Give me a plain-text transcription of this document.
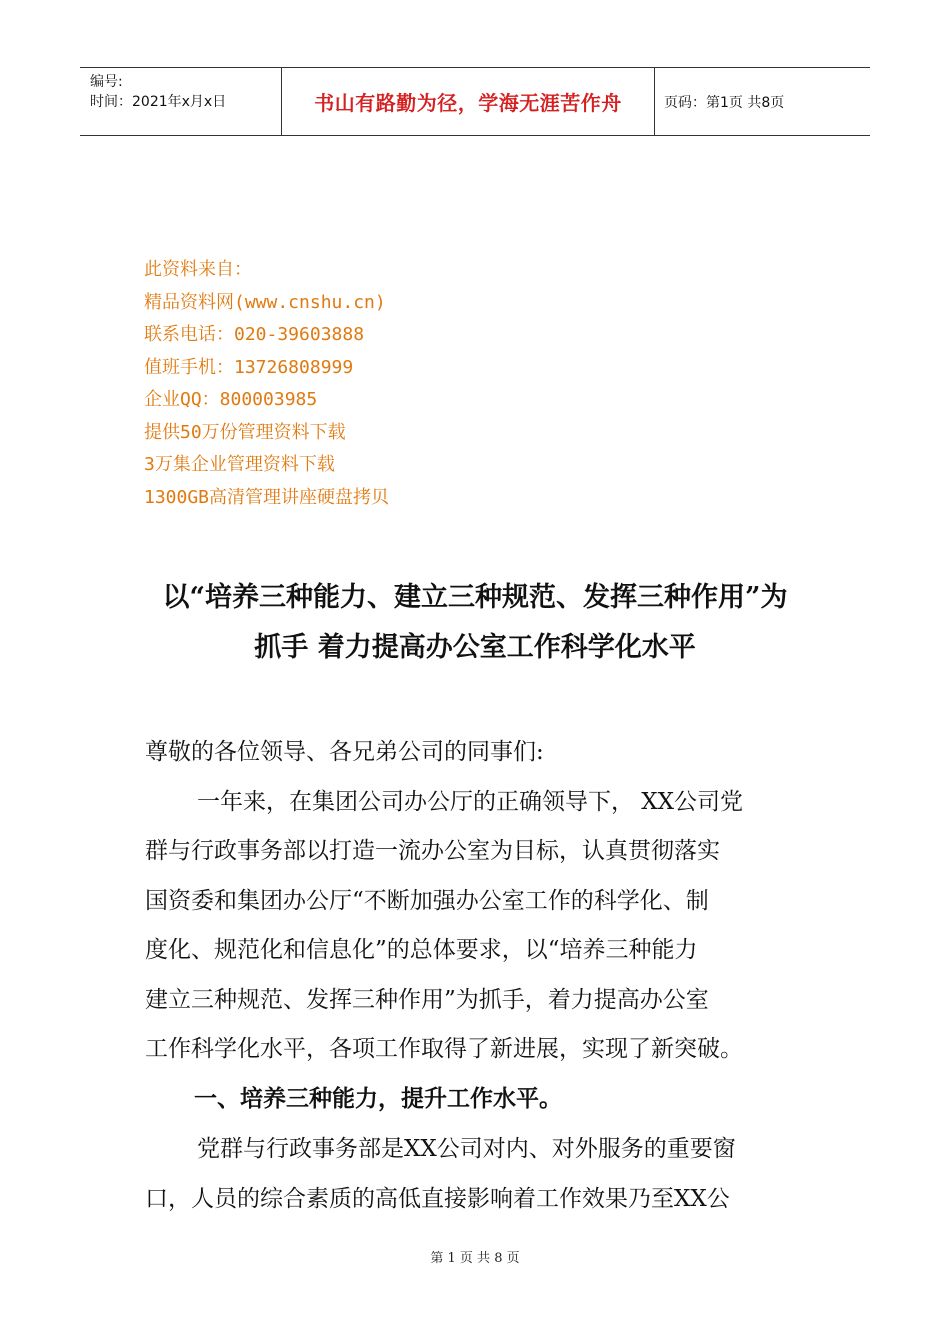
编号:
时间：2021年x月x日	书山有路勤为径，学海无涯苦作舟	页码：第1页 共8页
此资料来自：
精品资料网(www.cnshu.cn)
联系电话：020-39603888
值班手机：13726808999
企业QQ：800003985
提供50万份管理资料下载
3万集企业管理资料下载
1300GB高清管理讲座硬盘拷贝
以“培养三种能力、建立三种规范、发挥三种作用”为
抓手 着力提高办公室工作科学化水平
尊敬的各位领导、各兄弟公司的同事们:
一年来，在集团公司办公厅的正确领导下， XX公司党
群与行政事务部以打造一流办公室为目标，认真贯彻落实
国资委和集团办公厅“不断加强办公室工作的科学化、制
度化、规范化和信息化”的总体要求，以“培养三种能力
建立三种规范、发挥三种作用”为抓手，着力提高办公室
工作科学化水平，各项工作取得了新进展，实现了新突破。
一、培养三种能力，提升工作水平。
党群与行政事务部是XX公司对内、对外服务的重要窗
口，人员的综合素质的高低直接影响着工作效果乃至XX公
第 1 页 共 8 页
